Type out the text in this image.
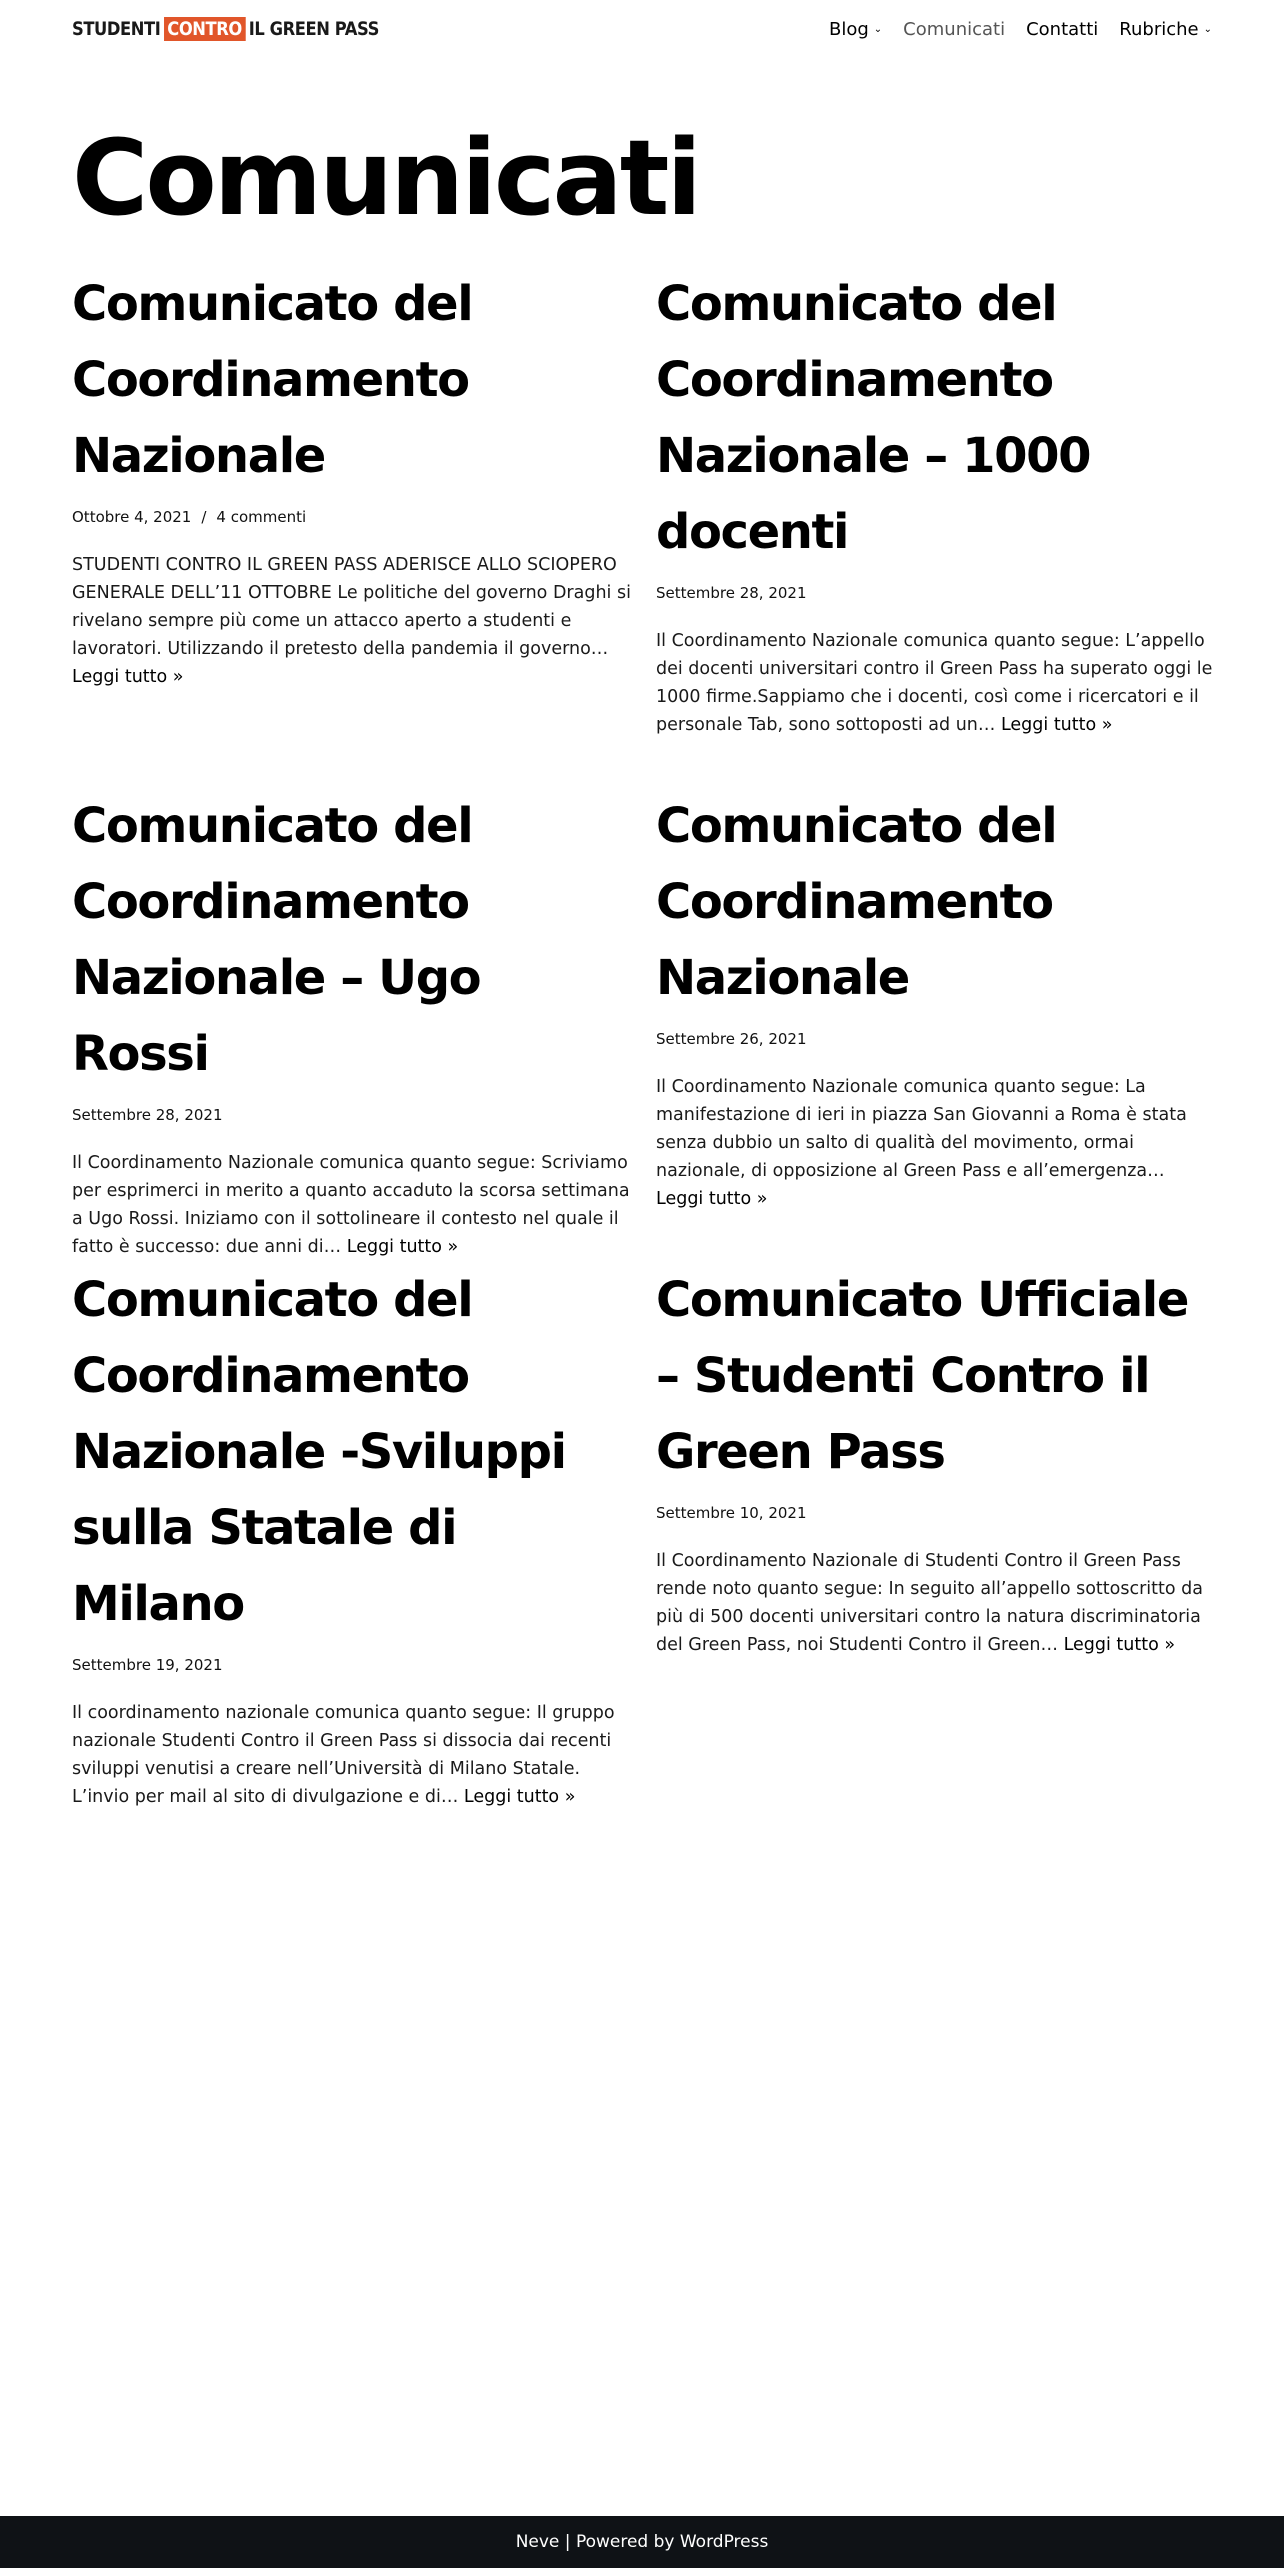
STUDENTI CONTRO IL GREEN PASS	Blog ⌄ Comunicati Contatti Rubriche ⌄
Comunicati
Comunicato del Coordinamento Nazionale
Ottobre 4, 2021 / 4 commenti

STUDENTI CONTRO IL GREEN PASS ADERISCE ALLO SCIOPERO GENERALE DELL’11 OTTOBRE Le politiche del governo Draghi si rivelano sempre più come un attacco aperto a studenti e lavoratori. Utilizzando il pretesto della pandemia il governo… Leggi tutto »

Comunicato del Coordinamento Nazionale – 1000 docenti
Settembre 28, 2021

Il Coordinamento Nazionale comunica quanto segue: L’appello dei docenti universitari contro il Green Pass ha superato oggi le 1000 firme.Sappiamo che i docenti, così come i ricercatori e il personale Tab, sono sottoposti ad un… Leggi tutto »

Comunicato del Coordinamento Nazionale – Ugo Rossi
Settembre 28, 2021

Il Coordinamento Nazionale comunica quanto segue: Scriviamo per esprimerci in merito a quanto accaduto la scorsa settimana a Ugo Rossi. Iniziamo con il sottolineare il contesto nel quale il fatto è successo: due anni di… Leggi tutto »

Comunicato del Coordinamento Nazionale
Settembre 26, 2021

Il Coordinamento Nazionale comunica quanto segue: La manifestazione di ieri in piazza San Giovanni a Roma è stata senza dubbio un salto di qualità del movimento, ormai nazionale, di opposizione al Green Pass e all’emergenza… Leggi tutto »

Comunicato del Coordinamento Nazionale -Sviluppi sulla Statale di Milano
Settembre 19, 2021

Il coordinamento nazionale comunica quanto segue: Il gruppo nazionale Studenti Contro il Green Pass si dissocia dai recenti sviluppi venutisi a creare nell’Università di Milano Statale. L’invio per mail al sito di divulgazione e di… Leggi tutto »

Comunicato Ufficiale – Studenti Contro il Green Pass
Settembre 10, 2021

Il Coordinamento Nazionale di Studenti Contro il Green Pass rende noto quanto segue: In seguito all’appello sottoscritto da più di 500 docenti universitari contro la natura discriminatoria del Green Pass, noi Studenti Contro il Green… Leggi tutto »

Neve
|
Powered by WordPress
